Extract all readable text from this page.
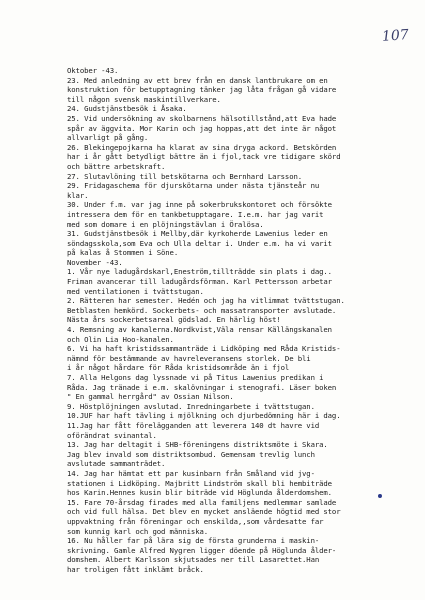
107
Oktober -43.
23. Med anledning av ett brev från en dansk lantbrukare om en
konstruktion för betupptagning tänker jag låta frågan gå vidare
till någon svensk maskintillverkare.
24. Gudstjänstbesök i Åsaka.
25. Vid undersökning av skolbarnens hälsotillstånd,att Eva hade
spår av äggvita. Mor Karin och jag hoppas,att det inte är något
allvarligt på gång.
26. Blekingepojkarna ha klarat av sina dryga ackord. Betskörden
har i år gått betydligt bättre än i fjol,tack vre tidigare skörd
och bättre arbetskraft.
27. Slutavlöning till betskötarna och Bernhard Larsson.
29. Fridagaschema för djurskötarna under nästa tjänsteår nu
klar.
30. Under f.m. var jag inne på sokerbrukskontoret och försökte
intressera dem för en tankbetupptagare. I.e.m. har jag varit
med som domare i en plöjningstävlan i Öralösa.
31. Gudstjänstbesök i Mellby,där kyrkoherde Lawenius leder en
söndagsskola,som Eva och Ulla deltar i. Under e.m. ha vi varit
på kalas å Stommen i Söne.
November -43.
1. Vår nye ladugårdskarl,Eneström,tillträdde sin plats i dag..
Friman avancerar till ladugårdsförman. Karl Pettersson arbetar
med ventilationen i tvättstugan.
2. Rätteren har semester. Hedén och jag ha vitlimmat tvättstugan.
Betblasten hemkörd. Sockerbets- och massatransporter avslutade.
Nästa års sockerbetsareal gödslad. En härlig höst!
4. Remsning av kanalerna.Nordkvist,Väla rensar Källängskanalen
och Olin Lia Hoo-kanalen.
6. Vi ha haft kristidssammanträde i Lidköping med Råda Kristids-
nämnd för bestämmande av havreleveransens storlek. De bli
i år något hårdare för Råda kristidsområde än i fjol
7. Alla Helgons dag lyssnade vi på Titus Lawenius predikan i
Råda. Jag tränade i e.m. skalövningar i stenografi. Läser boken
" En gammal herrgård" av Ossian Nilson.
9. Höstplöjningen avslutad. Inredningarbete i tvättstugan.
10.JUF har haft tävling i mjölkning och djurbedömning här i dag.
11.Jag har fått förelägganden att leverera 140 dt havre vid
oförändrat svinantal.
13. Jag har deltagit i SHB-föreningens distriktsmöte i Skara.
Jag blev invald som distriktsombud. Gemensam trevlig lunch
avslutade sammanträdet.
14. Jag har hämtat ett par kusinbarn från Småland vid jvg-
stationen i Lidköping. Majbritt Lindström skall bli hembiträde
hos Karin.Hennes kusin blir biträde vid Höglunda ålderdomshem.
15. Fare 70-årsdag firades med alla familjens medlemmar samlade
och vid full hälsa. Det blev en mycket ansläende högtid med stor
uppvaktning från föreningar och enskilda,,som vårdesatte far
som kunnig karl och god människa.
16. Nu håller far på lära sig de första grunderna i maskin-
skrivning. Gamle Alfred Nygren ligger döende på Höglunda ålder-
domshem. Albert Karlsson skjutsades ner till Lasarettet.Han
har troligen fått inklämt bråck.
